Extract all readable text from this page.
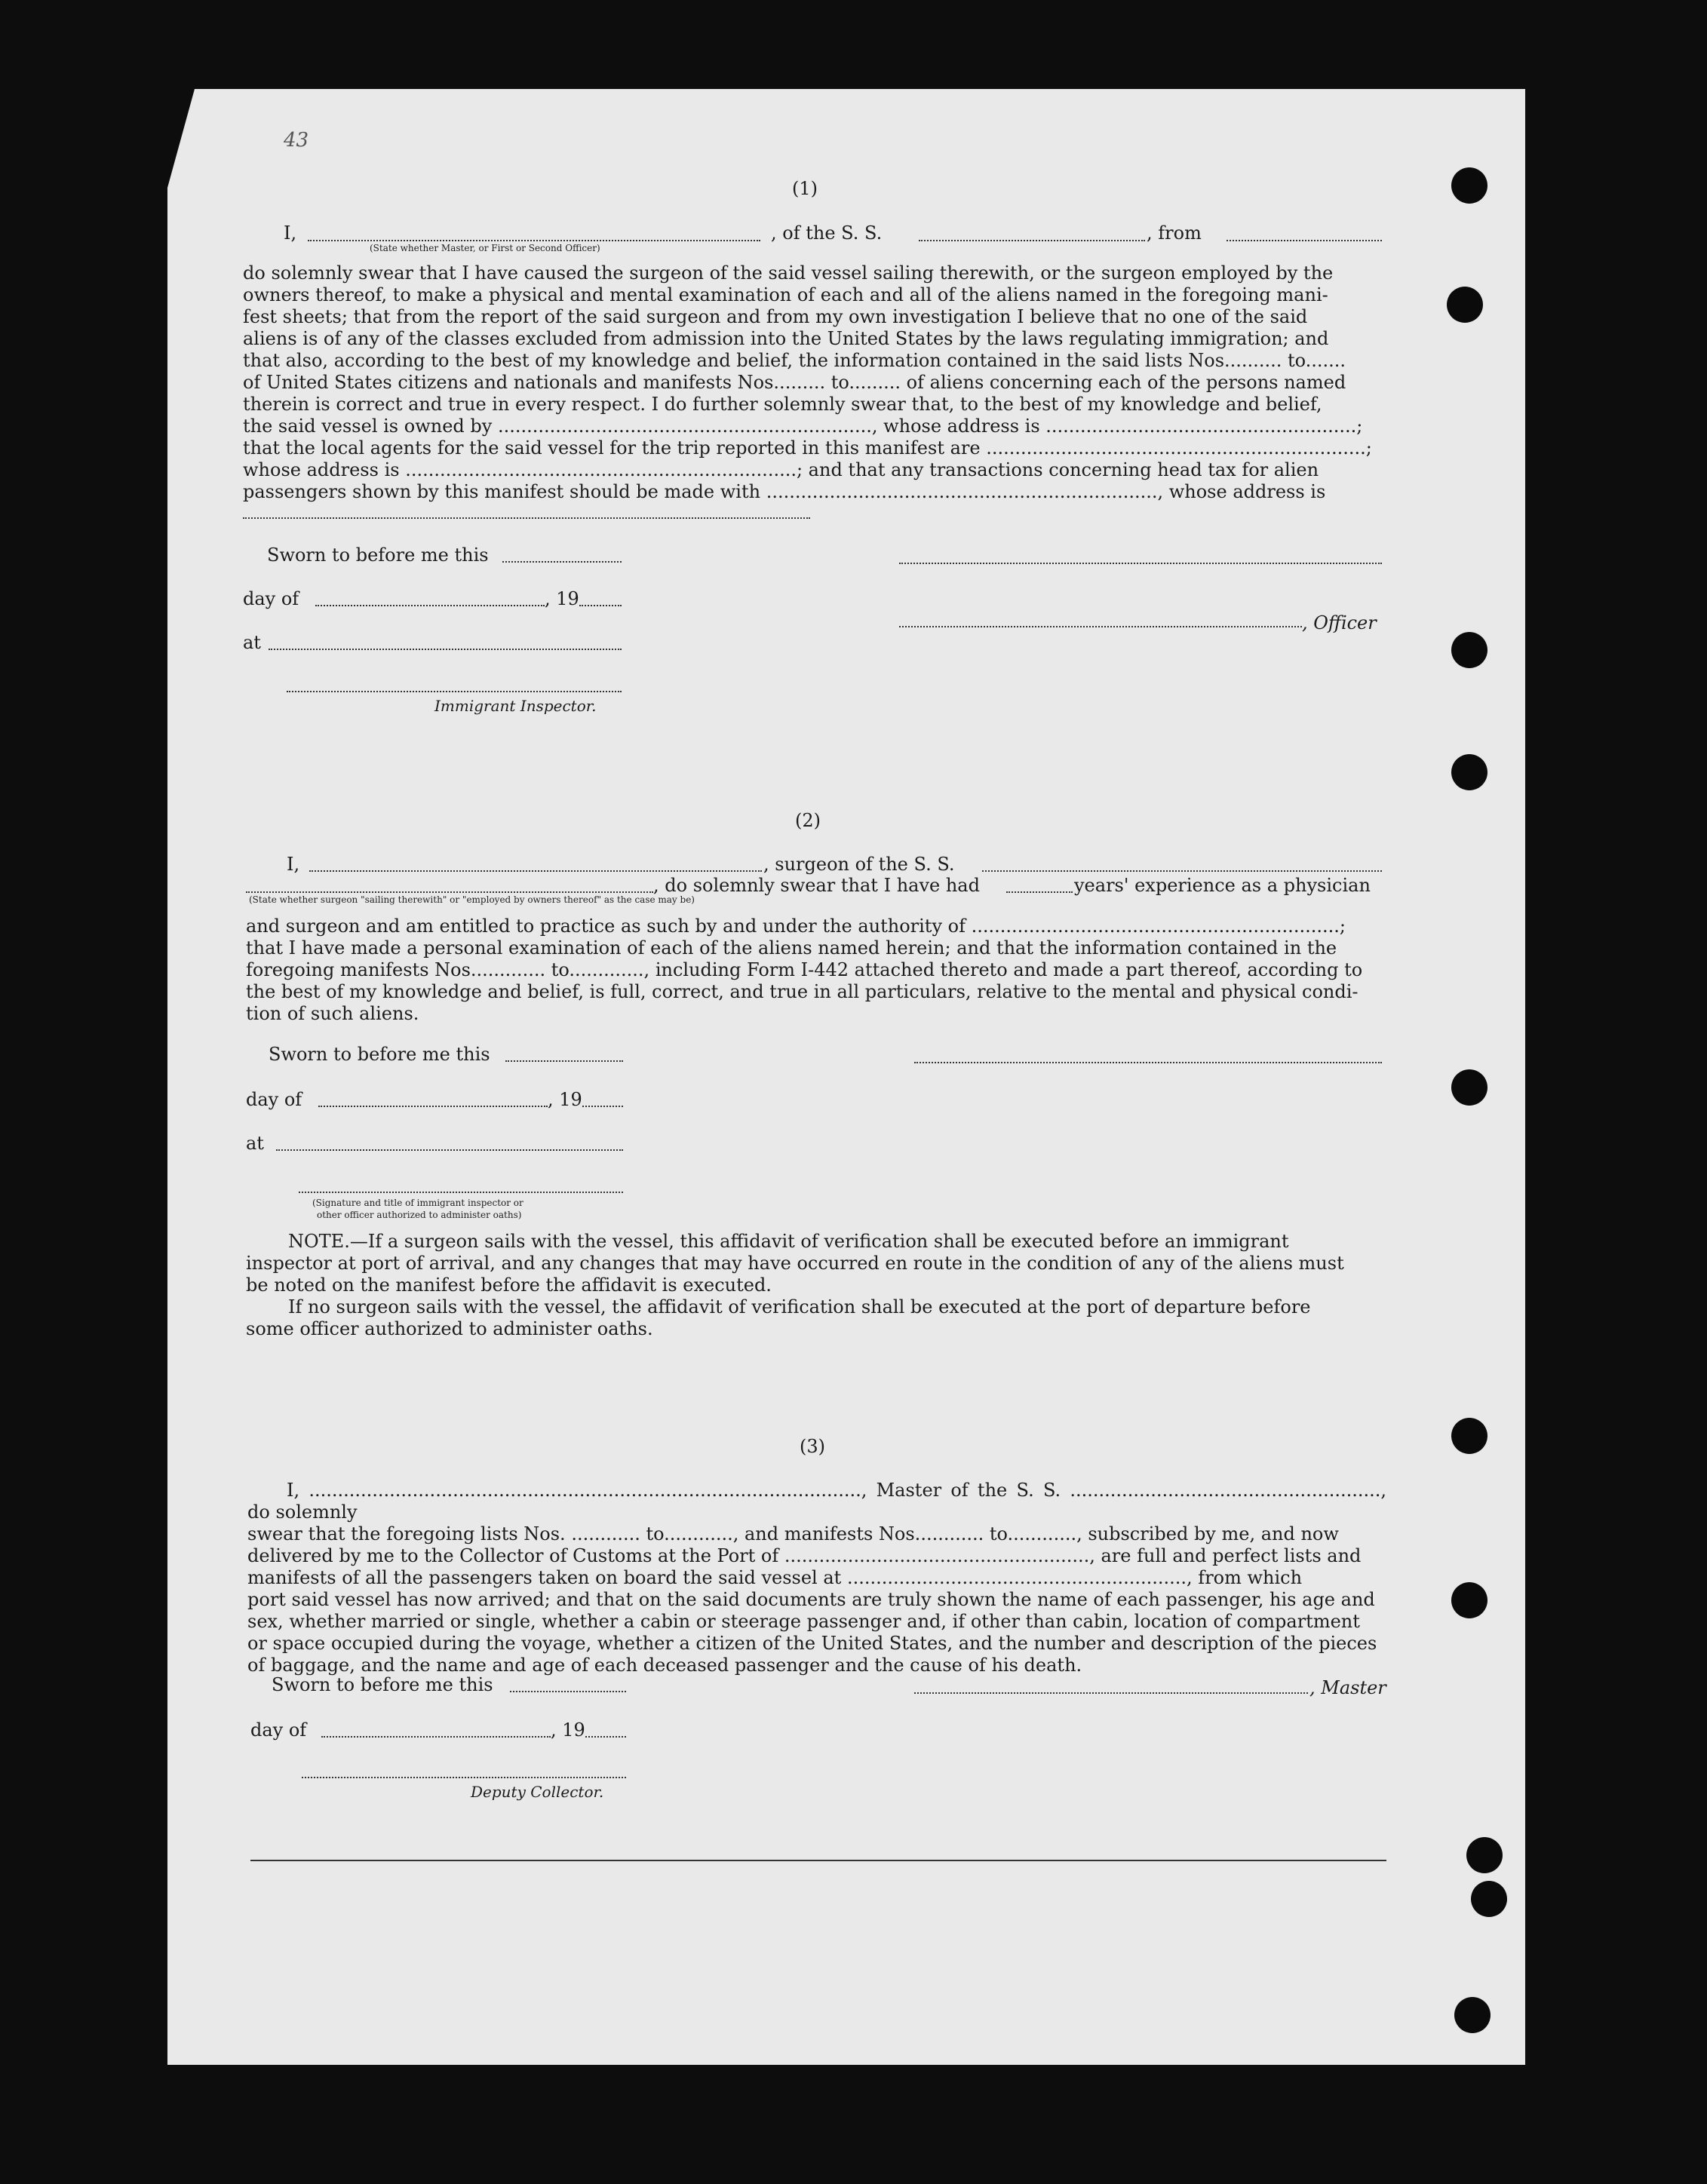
43
(1)
I,	, of the S. S.	, from
(State whether Master, or First or Second Officer)
do solemnly swear that I have caused the surgeon of the said vessel sailing therewith, or the surgeon employed by the
owners thereof, to make a physical and mental examination of each and all of the aliens named in the foregoing mani-
fest sheets; that from the report of the said surgeon and from my own investigation I believe that no one of the said
aliens is of any of the classes excluded from admission into the United States by the laws regulating immigration; and
that also, according to the best of my knowledge and belief, the information contained in the said lists Nos.......... to.......
of United States citizens and nationals and manifests Nos......... to......... of aliens concerning each of the persons named
therein is correct and true in every respect. I do further solemnly swear that, to the best of my knowledge and belief,
the said vessel is owned by ................................................................., whose address is ......................................................;
that the local agents for the said vessel for the trip reported in this manifest are ..................................................................;
whose address is ....................................................................; and that any transactions concerning head tax for alien
passengers shown by this manifest should be made with ...................................................................., whose address is
Sworn to before me this
day of	, 19
at
Immigrant Inspector.
, Officer
(2)
I,	, surgeon of the S. S.
, do solemnly swear that I have had	years' experience as a physician
(State whether surgeon "sailing therewith" or "employed by owners thereof" as the case may be)
and surgeon and am entitled to practice as such by and under the authority of ................................................................;
that I have made a personal examination of each of the aliens named herein; and that the information contained in the
foregoing manifests Nos............. to............., including Form I-442 attached thereto and made a part thereof, according to
the best of my knowledge and belief, is full, correct, and true in all particulars, relative to the mental and physical condi-
tion of such aliens.
Sworn to before me this
day of	, 19
at
(Signature and title of immigrant inspector or
other officer authorized to administer oaths)
NOTE.—If a surgeon sails with the vessel, this affidavit of verification shall be executed before an immigrant
inspector at port of arrival, and any changes that may have occurred en route in the condition of any of the aliens must
be noted on the manifest before the affidavit is executed.
If no surgeon sails with the vessel, the affidavit of verification shall be executed at the port of departure before
some officer authorized to administer oaths.
(3)
I, ................................................................................................, Master of the S. S. ......................................................, do solemnly
swear that the foregoing lists Nos. ............ to............, and manifests Nos............ to............, subscribed by me, and now
delivered by me to the Collector of Customs at the Port of ....................................................., are full and perfect lists and
manifests of all the passengers taken on board the said vessel at ..........................................................., from which
port said vessel has now arrived; and that on the said documents are truly shown the name of each passenger, his age and
sex, whether married or single, whether a cabin or steerage passenger and, if other than cabin, location of compartment
or space occupied during the voyage, whether a citizen of the United States, and the number and description of the pieces
of baggage, and the name and age of each deceased passenger and the cause of his death.
Sworn to before me this	, Master
day of	, 19
Deputy Collector.
